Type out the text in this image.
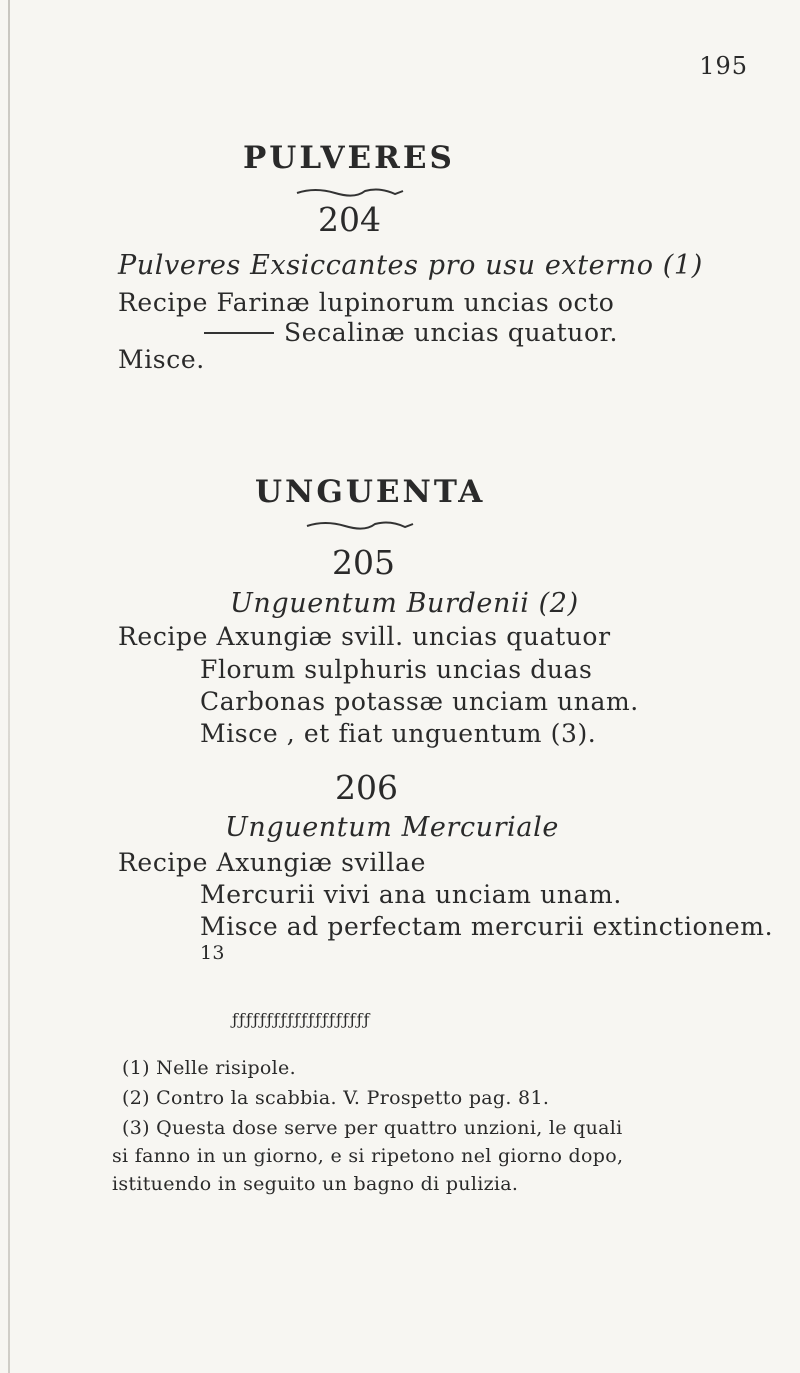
195
PULVERES
204
Pulveres Exsiccantes pro usu externo (1)
Recipe Farinæ lupinorum uncias octo
Secalinæ uncias quatuor.
Misce.
UNGUENTA
205
Unguentum Burdenii (2)
Recipe Axungiæ svill. uncias quatuor
Florum sulphuris uncias duas
Carbonas potassæ unciam unam.
Misce , et fiat unguentum (3).
206
Unguentum Mercuriale
Recipe Axungiæ svillae
Mercurii vivi ana unciam unam.
Misce ad perfectam mercurii extinctionem.
13
ƒƒƒƒƒƒƒƒƒƒƒƒƒƒƒƒƒƒƒƒ
(1) Nelle risipole.
(2) Contro la scabbia. V. Prospetto pag. 81.
(3) Questa dose serve per quattro unzioni, le quali
si fanno in un giorno, e si ripetono nel giorno dopo,
istituendo in seguito un bagno di pulizia.
